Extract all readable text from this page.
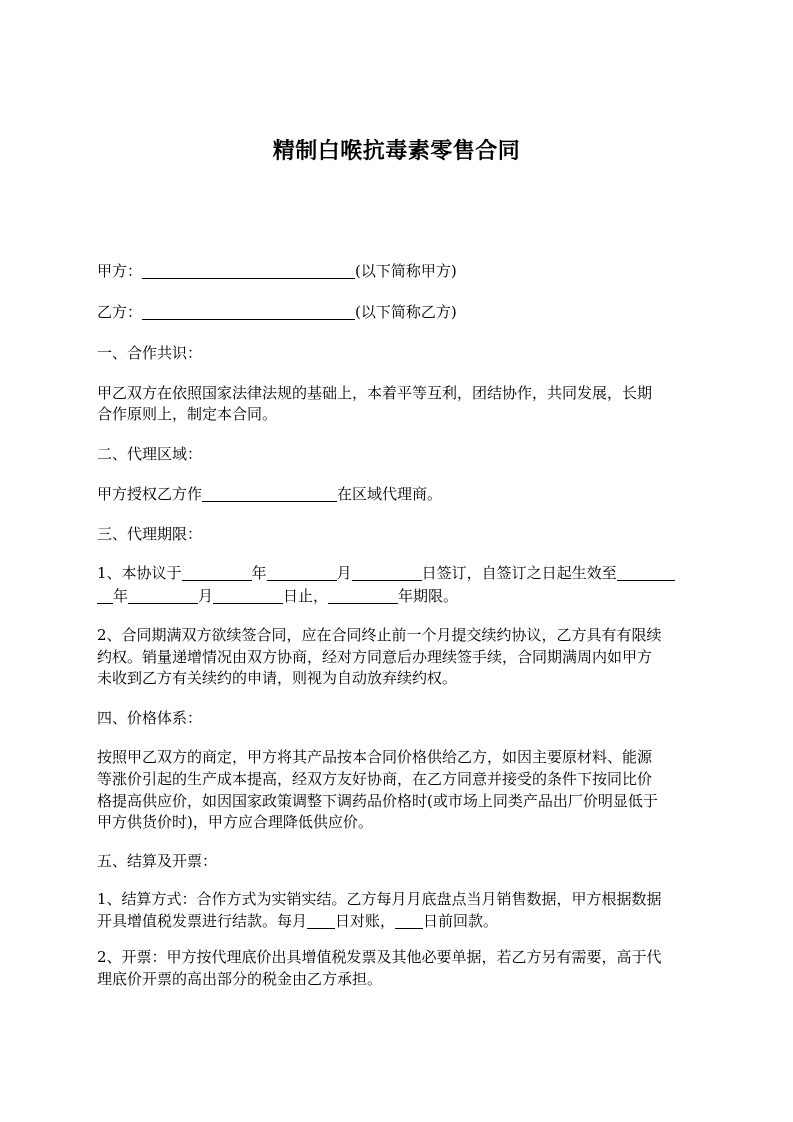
精制白喉抗毒素零售合同
甲方：	(以下简称甲方)
乙方：	(以下简称乙方)
一、合作共识：
甲乙双方在依照国家法律法规的基础上，本着平等互利，团结协作，共同发展，长期
合作原则上，制定本合同。
二、代理区域：
甲方授权乙方作	在区域代理商。
三、代理期限：
1、本协议于	年	月	日签订，自签订之日起生效至
年	月	日止，	年期限。
2、合同期满双方欲续签合同，应在合同终止前一个月提交续约协议，乙方具有有限续
约权。销量递增情况由双方协商，经对方同意后办理续签手续，合同期满周内如甲方
未收到乙方有关续约的申请，则视为自动放弃续约权。
四、价格体系：
按照甲乙双方的商定，甲方将其产品按本合同价格供给乙方，如因主要原材料、能源
等涨价引起的生产成本提高，经双方友好协商，在乙方同意并接受的条件下按同比价
格提高供应价，如因国家政策调整下调药品价格时(或市场上同类产品出厂价明显低于
甲方供货价时)，甲方应合理降低供应价。
五、结算及开票：
1、结算方式：合作方式为实销实结。乙方每月月底盘点当月销售数据，甲方根据数据
开具增值税发票进行结款。每月 日对账， 日前回款。
2、开票：甲方按代理底价出具增值税发票及其他必要单据，若乙方另有需要，高于代
理底价开票的高出部分的税金由乙方承担。
